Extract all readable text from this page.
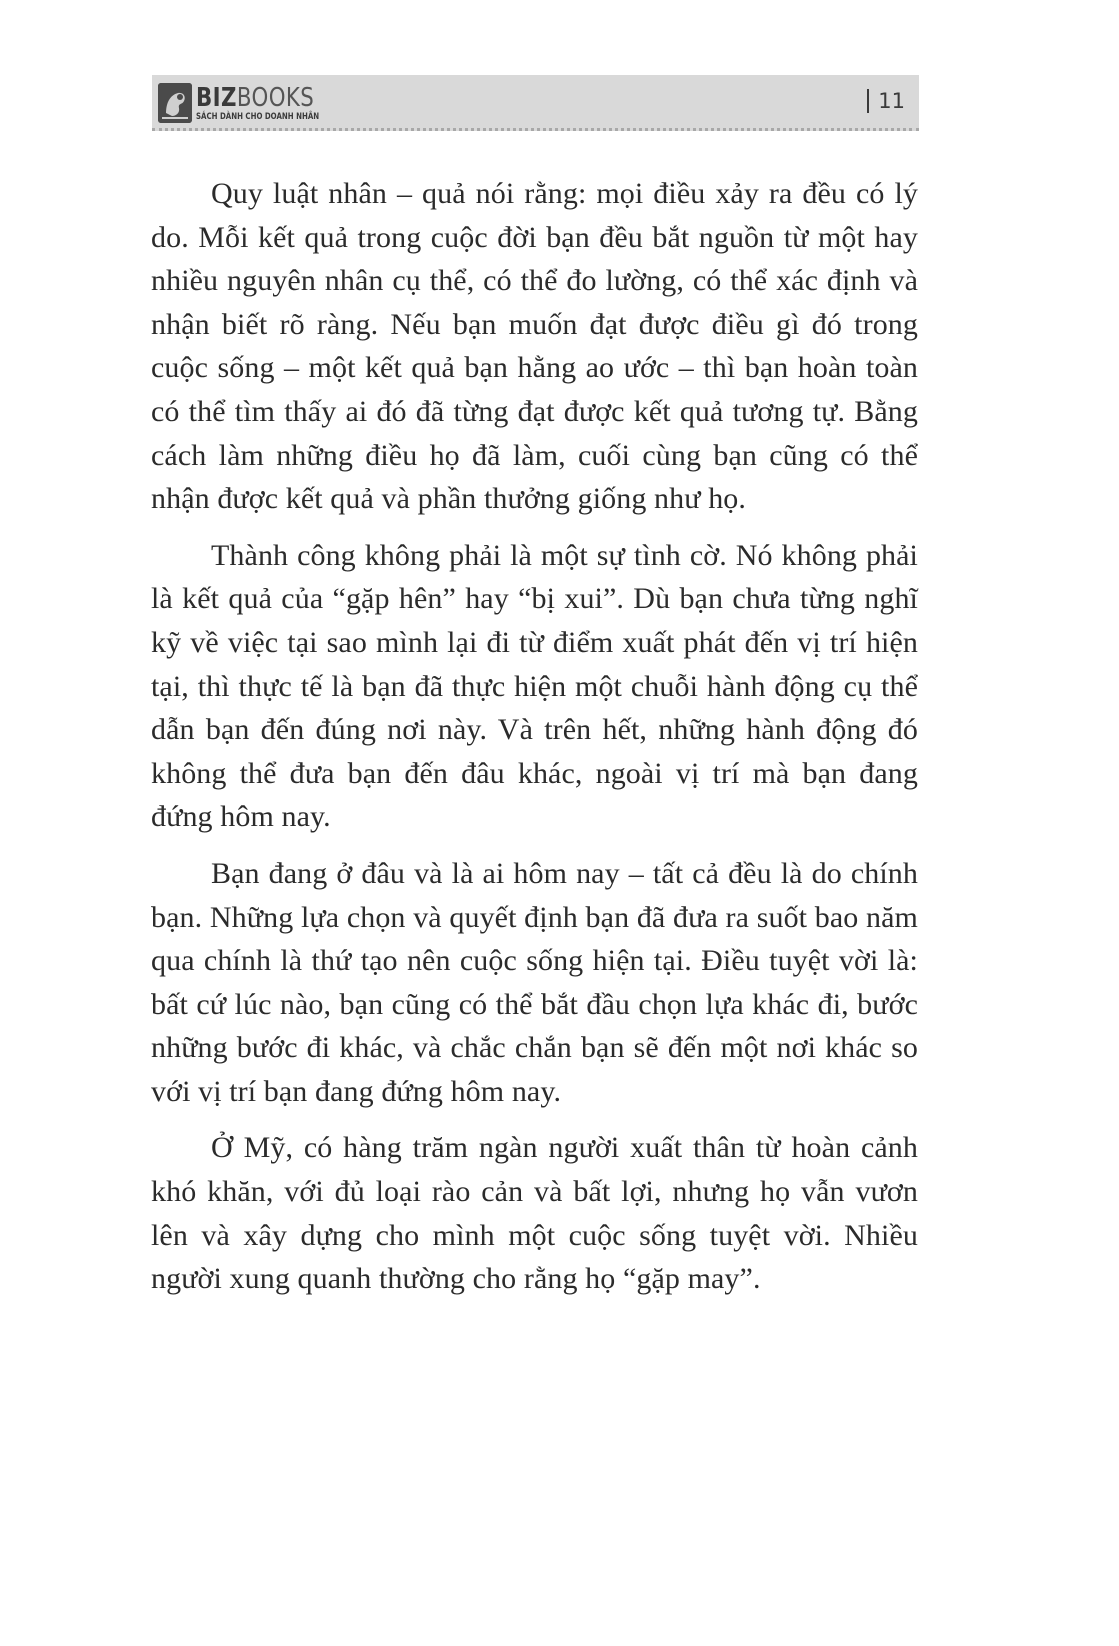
BIZBOOKS
SÁCH DÀNH CHO DOANH NHÂN
11

Quy luật nhân – quả nói rằng: mọi điều xảy ra đều có lý do. Mỗi kết quả trong cuộc đời bạn đều bắt nguồn từ một hay nhiều nguyên nhân cụ thể, có thể đo lường, có thể xác định và nhận biết rõ ràng. Nếu bạn muốn đạt được điều gì đó trong cuộc sống – một kết quả bạn hằng ao ước – thì bạn hoàn toàn có thể tìm thấy ai đó đã từng đạt được kết quả tương tự. Bằng cách làm những điều họ đã làm, cuối cùng bạn cũng có thể nhận được kết quả và phần thưởng giống như họ.

Thành công không phải là một sự tình cờ. Nó không phải là kết quả của “gặp hên” hay “bị xui”. Dù bạn chưa từng nghĩ kỹ về việc tại sao mình lại đi từ điểm xuất phát đến vị trí hiện tại, thì thực tế là bạn đã thực hiện một chuỗi hành động cụ thể dẫn bạn đến đúng nơi này. Và trên hết, những hành động đó không thể đưa bạn đến đâu khác, ngoài vị trí mà bạn đang đứng hôm nay.

Bạn đang ở đâu và là ai hôm nay – tất cả đều là do chính bạn. Những lựa chọn và quyết định bạn đã đưa ra suốt bao năm qua chính là thứ tạo nên cuộc sống hiện tại. Điều tuyệt vời là: bất cứ lúc nào, bạn cũng có thể bắt đầu chọn lựa khác đi, bước những bước đi khác, và chắc chắn bạn sẽ đến một nơi khác so với vị trí bạn đang đứng hôm nay.

Ở Mỹ, có hàng trăm ngàn người xuất thân từ hoàn cảnh khó khăn, với đủ loại rào cản và bất lợi, nhưng họ vẫn vươn lên và xây dựng cho mình một cuộc sống tuyệt vời. Nhiều người xung quanh thường cho rằng họ “gặp may”.
